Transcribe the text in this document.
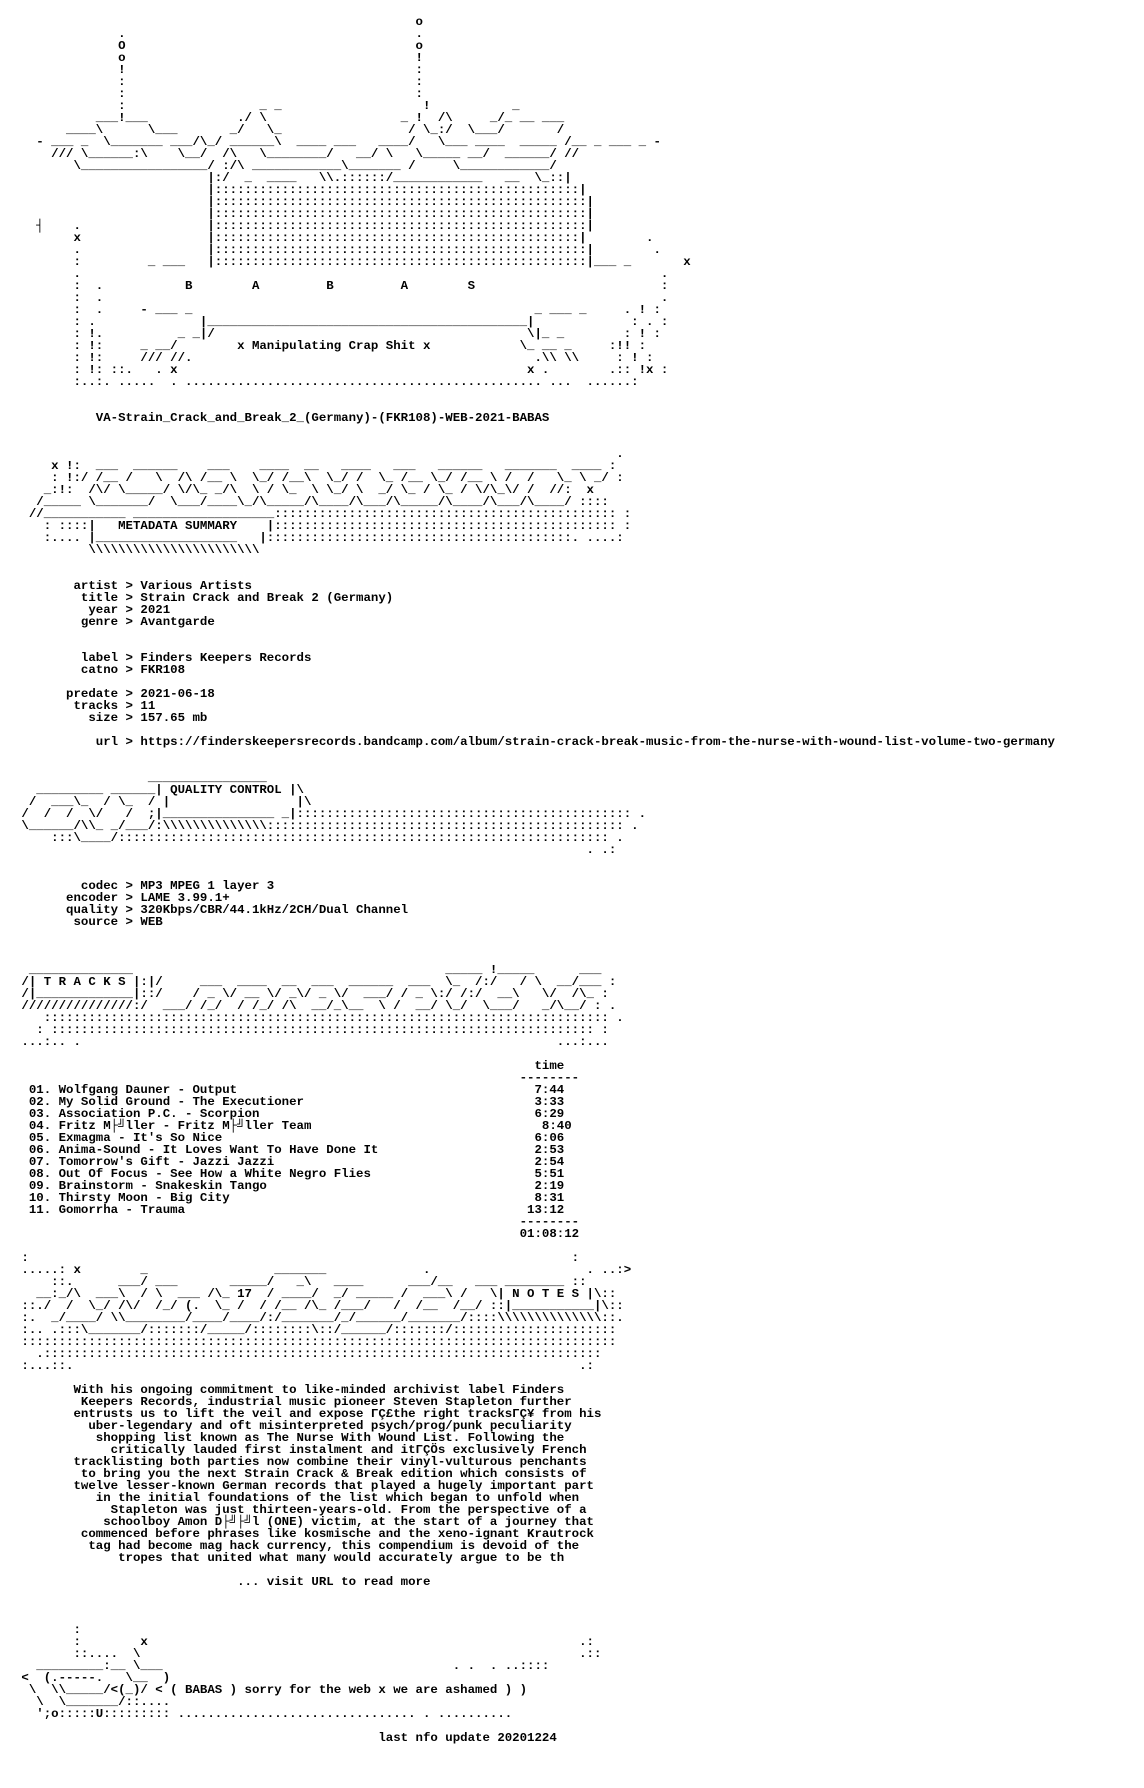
o
.                                       .
O                                       o
o                                       !
!                                       :
:                                       :
:                                       :
:                  _ _                   !           _
___!___            ./ \                  _ !  /\     _/_ __ ___
____\      \___       _/   \_                 / \_:/  \___/       /
- ___ _  \_______ ___/\_/ ______\  ____ ___   ____/   \___ ____  _____ /__ _ ___ _ -
/// \______:\    \__/  /\   \________/   __/ \   \_____ __/  ______/ //
\_________________/ :/\ ____________\_______ /     \____________/
|:/  _  ____   \\.::::::/____________   __  \_::|
|:::::::::::::::::::::::::::::::::::::::::::::::::|
|::::::::::::::::::::::::::::::::::::::::::::::::::|
|::::::::::::::::::::::::::::::::::::::::::::::::::|
┤    .                 |::::::::::::::::::::::::::::::::::::::::::::::::::|
x                 |:::::::::::::::::::::::::::::::::::::::::::::::::|        .
.                 |::::::::::::::::::::::::::::::::::::::::::::::::::|        .
:         _ ___   |::::::::::::::::::::::::::::::::::::::::::::::::::|___ _       x
.                                                                              .
:  .           B        A         B         A        S                         :
:  .                                                                           .
:  .     - ___ _                                              _ ___ _     . ! :
: .              |___________________________________________|             : . :
: !.          _ _|/                                          \|_ _        : ! :
: !:     _ __/        x Manipulating Crap Shit x            \_ __ _     :!! :
: !:     /// //.                                              .\\ \\     : ! :
: !: ::.   . x                                               x .        .:: !x :
:..:. .....  . ................................................ ...  ......:

VA-Strain_Crack_and_Break_2_(Germany)-(FKR108)-WEB-2021-BABAS

.
x !:  ___  ______    ___    ____  __   ____   ___   ______   _______  ____ :
: !:/ /__ /   \  /\ /__ \  \_/ /__\  \_/ /  \_ /__ \_/ /__ \ /  /   \_ \ _/ :
_:!:  /\/ \_____/ \/\_ _/\  \ / \_  \ \_/ \  _/ \_ / \_ / \/\_\/ /  //:  x
/_____ \_______/  \___/____\_/\_____/\____/\___/\_____/\____/\___/\____/ ::::
//___________ ___________________:::::::::::::::::::::::::::::::::::::::::::::: :
: ::::|   METADATA SUMMARY    |:::::::::::::::::::::::::::::::::::::::::::::: :
:.... |___________________   |:::::::::::::::::::::::::::::::::::::::::. ....:
\\\\\\\\\\\\\\\\\\\\\\\

artist > Various Artists
title > Strain Crack and Break 2 (Germany)
year > 2021
genre > Avantgarde

label > Finders Keepers Records
catno > FKR108

predate > 2021-06-18
tracks > 11
size > 157.65 mb

url > https://finderskeepersrecords.bandcamp.com/album/strain-crack-break-music-from-the-nurse-with-wound-list-volume-two-germany

________________
_________ ______| QUALITY CONTROL |\
/  ___\_  / \_  / |                 |\
/  /  /  \/   /  ;|_______________ _|::::::::::::::::::::::::::::::::::::::::::::: .
\______/\\_ _/___/:\\\\\\\\\\\\\\:::::::::::::::::::::::::::::::::::::::::::::::: .
:::\____/:::::::::::::::::::::::::::::::::::::::::::::::::::::::::::::::::: .
. .:

codec > MP3 MPEG 1 layer 3
encoder > LAME 3.99.1+
quality > 320Kbps/CBR/44.1kHz/2CH/Dual Channel
source > WEB

______________                                          _____ !_____      ___
/| T R A C K S |:|/     ___  ____  __  ___  ______  ___  \_  /:/   / \  __/___ :
/|_____________|::/    / _ \/ __ \/ _\/ _ \/  ___/ / _ \:/ /:/  __\   \/  /\_ :
///////////////:/  ___/ /_/  / /_/ /\  __/_\__  \ /  __/ \_/  \___/   _/\__/ : .
:::::::::::::::::::::::::::::::::::::::::::::::::::::::::::::::::::::::::::: .
: ::::::::::::::::::::::::::::::::::::::::::::::::::::::::::::::::::::::::: :
...:.. .                                                                ...:...

time
--------
01. Wolfgang Dauner - Output                                        7:44
02. My Solid Ground - The Executioner                               3:33
03. Association P.C. - Scorpion                                     6:29
04. Fritz M├╝ller - Fritz M├╝ller Team                               8:40
05. Exmagma - It's So Nice                                          6:06
06. Anima-Sound - It Loves Want To Have Done It                     2:53
07. Tomorrow's Gift - Jazzi Jazzi                                   2:54
08. Out Of Focus - See How a White Negro Flies                      5:51
09. Brainstorm - Snakeskin Tango                                    2:19
10. Thirsty Moon - Big City                                         8:31
11. Gomorrha - Trauma                                              13:12
--------
01:08:12

:                                                                         :
.....: x        _                 _______             .                     . ..:>
::.      ___/ ___       _____/   _\   ____      ___/__   ___ ________ ::
__:_/\  ___\  / \  ___ /\_ 17  / ____/  _/ _____ /  ___\ /   \| N O T E S |\::
::./  /  \_/ /\/  /_/ (.  \_ /  / /__ /\_ /___/   /  /__  /__/ ::|___________|\::
:.  _/____/ \\________/____/____/:/_______/_/______/_______/::::\\\\\\\\\\\\\\::.
:.. .:::\_______/:::::::/_____/::::::::\::/______/:::::::/::::::::::::::::::::::
::::::::::::::::::::::::::::::::::::::::::::::::::::::::::::::::::::::::::::::::
.:::::::::::::::::::::::::::::::::::::::::::::::::::::::::::::::::::::::::::
:...::.                                                                    .:

With his ongoing commitment to like-minded archivist label Finders
Keepers Records, industrial music pioneer Steven Stapleton further
entrusts us to lift the veil and expose ΓÇ£the right tracksΓÇ¥ from his
uber-legendary and oft misinterpreted psych/prog/punk peculiarity
shopping list known as The Nurse With Wound List. Following the
critically lauded first instalment and itΓÇÖs exclusively French
tracklisting both parties now combine their vinyl-vulturous penchants
to bring you the next Strain Crack & Break edition which consists of
twelve lesser-known German records that played a hugely important part
in the initial foundations of the list which began to unfold when
Stapleton was just thirteen-years-old. From the perspective of a
schoolboy Amon D├╝├╝l (ONE) victim, at the start of a journey that
commenced before phrases like kosmische and the xeno-ignant Krautrock
tag had become mag hack currency, this compendium is devoid of the
tropes that united what many would accurately argue to be th

... visit URL to read more

:
:        x                                                          .:
::....  \                                                           .::
_________:__ \___                                       . .  . ..::::
<  (.-----.   \__  )
\  \\_____/<(_)/ < ( BABAS ) sorry for the web x we are ashamed ) )
\  \_______/::....
';o:::::U::::::::: ................................ . ..........

last nfo update 20201224
